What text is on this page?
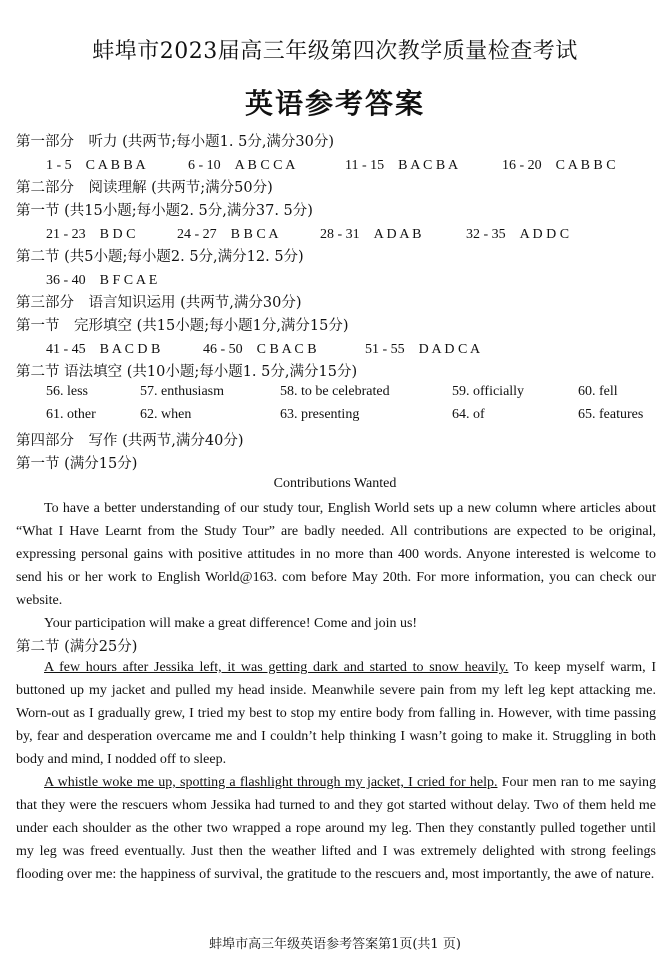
蚌埠市2023届高三年级第四次教学质量检查考试
英语参考答案
第一部分　听力 (共两节;每小题1. 5分,满分30分)
1 - 5　C A B B A	6 - 10　A B C C A	11 - 15　B A C B A	16 - 20　C A B B C
第二部分　阅读理解 (共两节;满分50分)
第一节 (共15小题;每小题2. 5分,满分37. 5分)
21 - 23　B D C	24 - 27　B B C A	28 - 31　A D A B	32 - 35　A D D C
第二节 (共5小题;每小题2. 5分,满分12. 5分)
36 - 40　B F C A E
第三部分　语言知识运用 (共两节,满分30分)
第一节　完形填空 (共15小题;每小题1分,满分15分)
41 - 45　B A C D B	46 - 50　C B A C B	51 - 55　D A D C A
第二节 语法填空 (共10小题;每小题1. 5分,满分15分)
56. less	57. enthusiasm	58. to be celebrated	59. officially	60. fell
61. other	62. when	63. presenting	64. of	65. features
第四部分　写作 (共两节,满分40分)
第一节 (满分15分)
Contributions Wanted

To have a better understanding of our study tour, English World sets up a new column where articles about “What I Have Learnt from the Study Tour” are badly needed. All contributions are expected to be original, expressing personal gains with positive attitudes in no more than 400 words. Anyone interested is welcome to send his or her work to English World@163. com before May 20th. For more information, you can check our website.

Your participation will make a great difference! Come and join us!

第二节 (满分25分)

A few hours after Jessika left, it was getting dark and started to snow heavily. To keep myself warm, I buttoned up my jacket and pulled my head inside. Meanwhile severe pain from my left leg kept attacking me. Worn-out as I gradually grew, I tried my best to stop my entire body from falling in. However, with time passing by, fear and desperation overcame me and I couldn’t help thinking I wasn’t going to make it. Struggling in both body and mind, I nodded off to sleep.

A whistle woke me up, spotting a flashlight through my jacket, I cried for help. Four men ran to me saying that they were the rescuers whom Jessika had turned to and they got started without delay. Two of them held me under each shoulder as the other two wrapped a rope around my leg. Then they constantly pulled together until my leg was freed eventually. Just then the weather lifted and I was extremely delighted with strong feelings flooding over me: the happiness of survival, the gratitude to the rescuers and, most importantly, the awe of nature.

蚌埠市高三年级英语参考答案第1页(共1 页)
